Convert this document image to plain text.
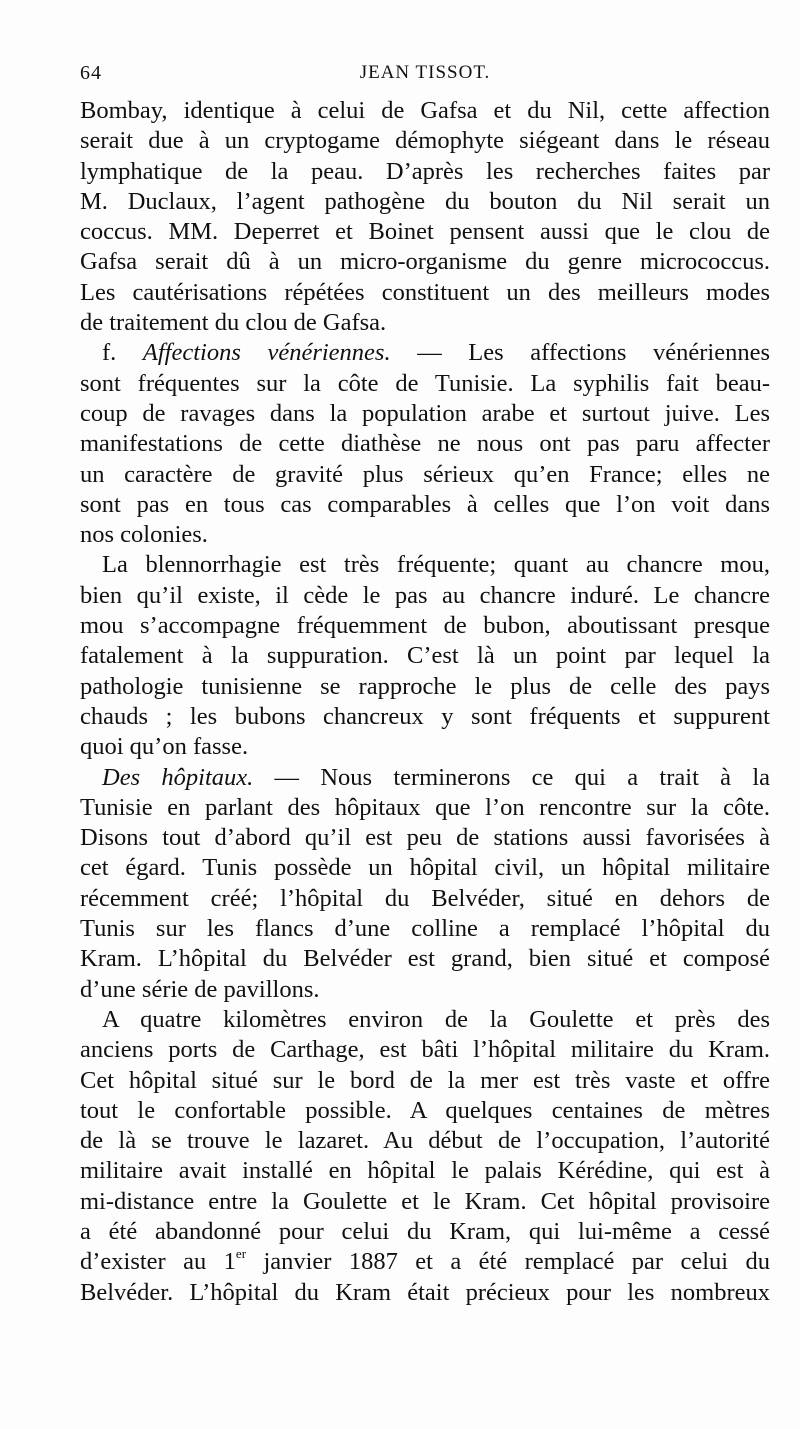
64	JEAN TISSOT.
Bombay, identique à celui de Gafsa et du Nil, cette affection
serait due à un cryptogame démophyte siégeant dans le réseau
lymphatique de la peau. D’après les recherches faites par
M. Duclaux, l’agent pathogène du bouton du Nil serait un
coccus. MM. Deperret et Boinet pensent aussi que le clou de
Gafsa serait dû à un micro-organisme du genre micrococcus.
Les cautérisations répétées constituent un des meilleurs modes
de traitement du clou de Gafsa.
f. Affections vénériennes. — Les affections vénériennes
sont fréquentes sur la côte de Tunisie. La syphilis fait beau-
coup de ravages dans la population arabe et surtout juive. Les
manifestations de cette diathèse ne nous ont pas paru affecter
un caractère de gravité plus sérieux qu’en France; elles ne
sont pas en tous cas comparables à celles que l’on voit dans
nos colonies.
La blennorrhagie est très fréquente; quant au chancre mou,
bien qu’il existe, il cède le pas au chancre induré. Le chancre
mou s’accompagne fréquemment de bubon, aboutissant presque
fatalement à la suppuration. C’est là un point par lequel la
pathologie tunisienne se rapproche le plus de celle des pays
chauds ; les bubons chancreux y sont fréquents et suppurent
quoi qu’on fasse.
Des hôpitaux. — Nous terminerons ce qui a trait à la
Tunisie en parlant des hôpitaux que l’on rencontre sur la côte.
Disons tout d’abord qu’il est peu de stations aussi favorisées à
cet égard. Tunis possède un hôpital civil, un hôpital militaire
récemment créé; l’hôpital du Belvéder, situé en dehors de
Tunis sur les flancs d’une colline a remplacé l’hôpital du
Kram. L’hôpital du Belvéder est grand, bien situé et composé
d’une série de pavillons.
A quatre kilomètres environ de la Goulette et près des
anciens ports de Carthage, est bâti l’hôpital militaire du Kram.
Cet hôpital situé sur le bord de la mer est très vaste et offre
tout le confortable possible. A quelques centaines de mètres
de là se trouve le lazaret. Au début de l’occupation, l’autorité
militaire avait installé en hôpital le palais Kérédine, qui est à
mi-distance entre la Goulette et le Kram. Cet hôpital provisoire
a été abandonné pour celui du Kram, qui lui-même a cessé
d’exister au 1er janvier 1887 et a été remplacé par celui du
Belvéder. L’hôpital du Kram était précieux pour les nombreux
